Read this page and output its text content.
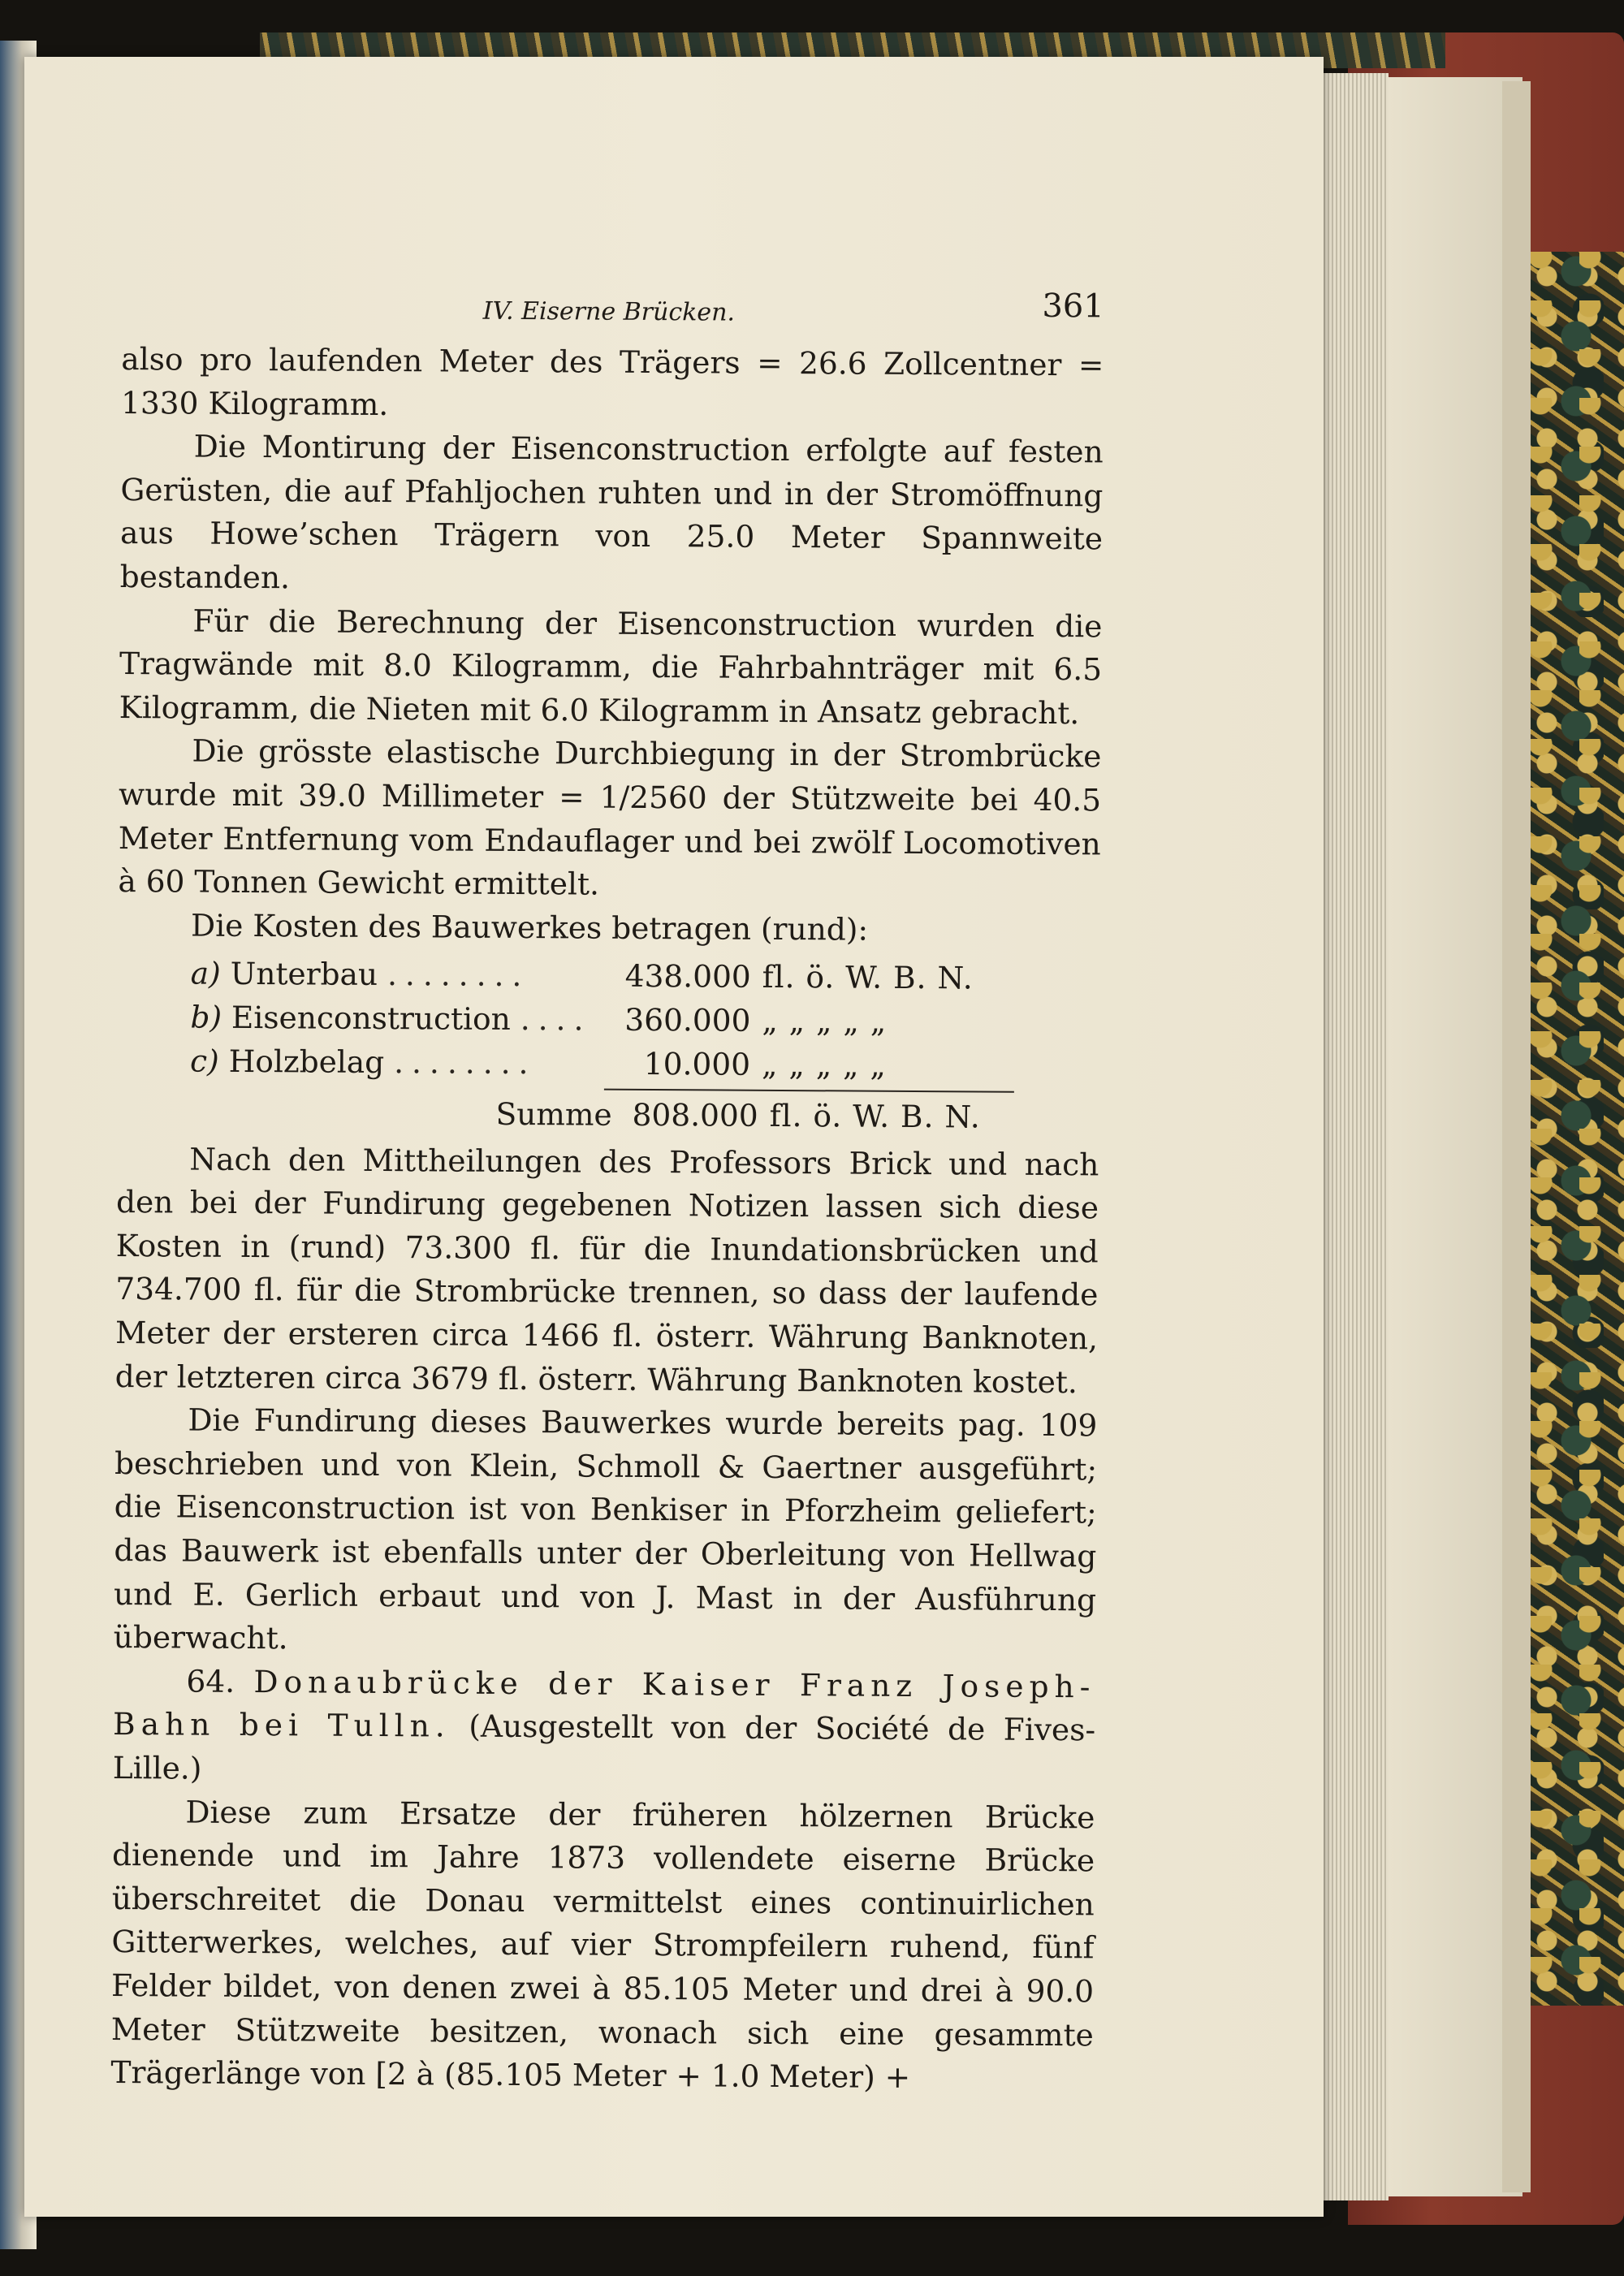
IV. Eiserne Brücken.	361

also pro laufenden Meter des Trägers = 26.6 Zollcentner = 1330 Kilogramm.

Die Montirung der Eisenconstruction erfolgte auf festen Gerüsten, die auf Pfahljochen ruhten und in der Stromöffnung aus Howe’schen Trägern von 25.0 Meter Spannweite bestanden.

Für die Berechnung der Eisenconstruction wurden die Tragwände mit 8.0 Kilogramm, die Fahrbahnträger mit 6.5 Kilogramm, die Nieten mit 6.0 Kilogramm in Ansatz gebracht.

Die grösste elastische Durchbiegung in der Strombrücke wurde mit 39.0 Millimeter = 1/2560 der Stützweite bei 40.5 Meter Entfernung vom Endauflager und bei zwölf Locomotiven à 60 Tonnen Gewicht ermittelt.

Die Kosten des Bauwerkes betragen (rund):

a) Unterbau ........	438.000 fl. ö. W. B. N.
b) Eisenconstruction ....	360.000 „ „ „ „ „
c) Holzbelag ........	10.000 „ „ „ „ „
Summe 808.000 fl. ö. W. B. N.

Nach den Mittheilungen des Professors Brick und nach den bei der Fundirung gegebenen Notizen lassen sich diese Kosten in (rund) 73.300 fl. für die Inundationsbrücken und 734.700 fl. für die Strombrücke trennen, so dass der laufende Meter der ersteren circa 1466 fl. österr. Währung Banknoten, der letzteren circa 3679 fl. österr. Währung Banknoten kostet.

Die Fundirung dieses Bauwerkes wurde bereits pag. 109 beschrieben und von Klein, Schmoll & Gaertner ausgeführt; die Eisenconstruction ist von Benkiser in Pforzheim geliefert; das Bauwerk ist ebenfalls unter der Oberleitung von Hellwag und E. Gerlich erbaut und von J. Mast in der Ausführung überwacht.

64. Donaubrücke der Kaiser Franz Joseph-Bahn bei Tulln. (Ausgestellt von der Société de Fives-Lille.)

Diese zum Ersatze der früheren hölzernen Brücke dienende und im Jahre 1873 vollendete eiserne Brücke überschreitet die Donau vermittelst eines continuirlichen Gitterwerkes, welches, auf vier Strompfeilern ruhend, fünf Felder bildet, von denen zwei à 85.105 Meter und drei à 90.0 Meter Stützweite besitzen, wonach sich eine gesammte Trägerlänge von [2 à (85.105 Meter + 1.0 Meter) +
